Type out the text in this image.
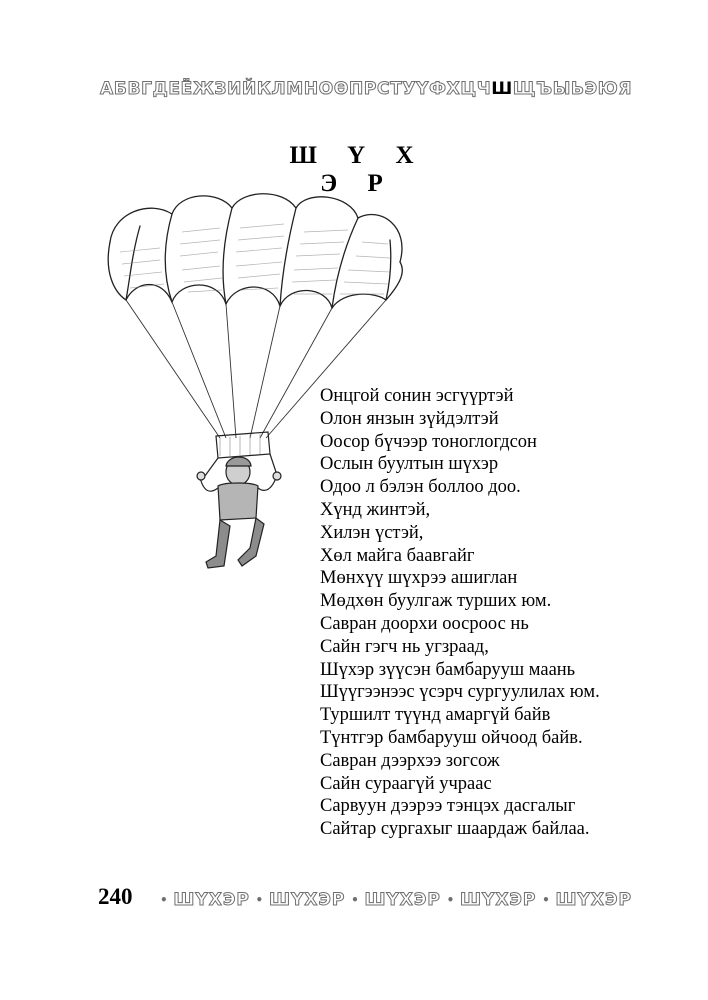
А Б В Г Д Е Ё Ж З И Й К Л М Н О Ө П Р С Т У Ү Ф Х Ц Ч Ш Щ Ъ Ы Ь Э Ю Я
Ш Ү Х Э Р
Онцгой сонин эсгүүртэй
Олон янзын зүйдэлтэй
Оосор бүчээр тоноглогдсон
Ослын буултын шүхэр
Одоо л бэлэн боллоо доо.
Хүнд жинтэй,
Хилэн үстэй,
Хөл майга баавгайг
Мөнхүү шүхрээ ашиглан
Мөдхөн буулгаж турших юм.
Савран доорхи оосроос нь
Сайн гэгч нь угзраад,
Шүхэр зүүсэн бамбарууш маань
Шүүгээнээс үсэрч сургуулилах юм.
Туршилт түүнд амаргүй байв
Түнтгэр бамбарууш ойчоод байв.
Савран дээрхээ зогсож
Сайн сураагүй учраас
Сарвуун дээрээ тэнцэх дасгалыг
Сайтар сургахыг шаардаж байлаа.
240 • ШҮХЭР • ШҮХЭР • ШҮХЭР • ШҮХЭР • ШҮХЭР
